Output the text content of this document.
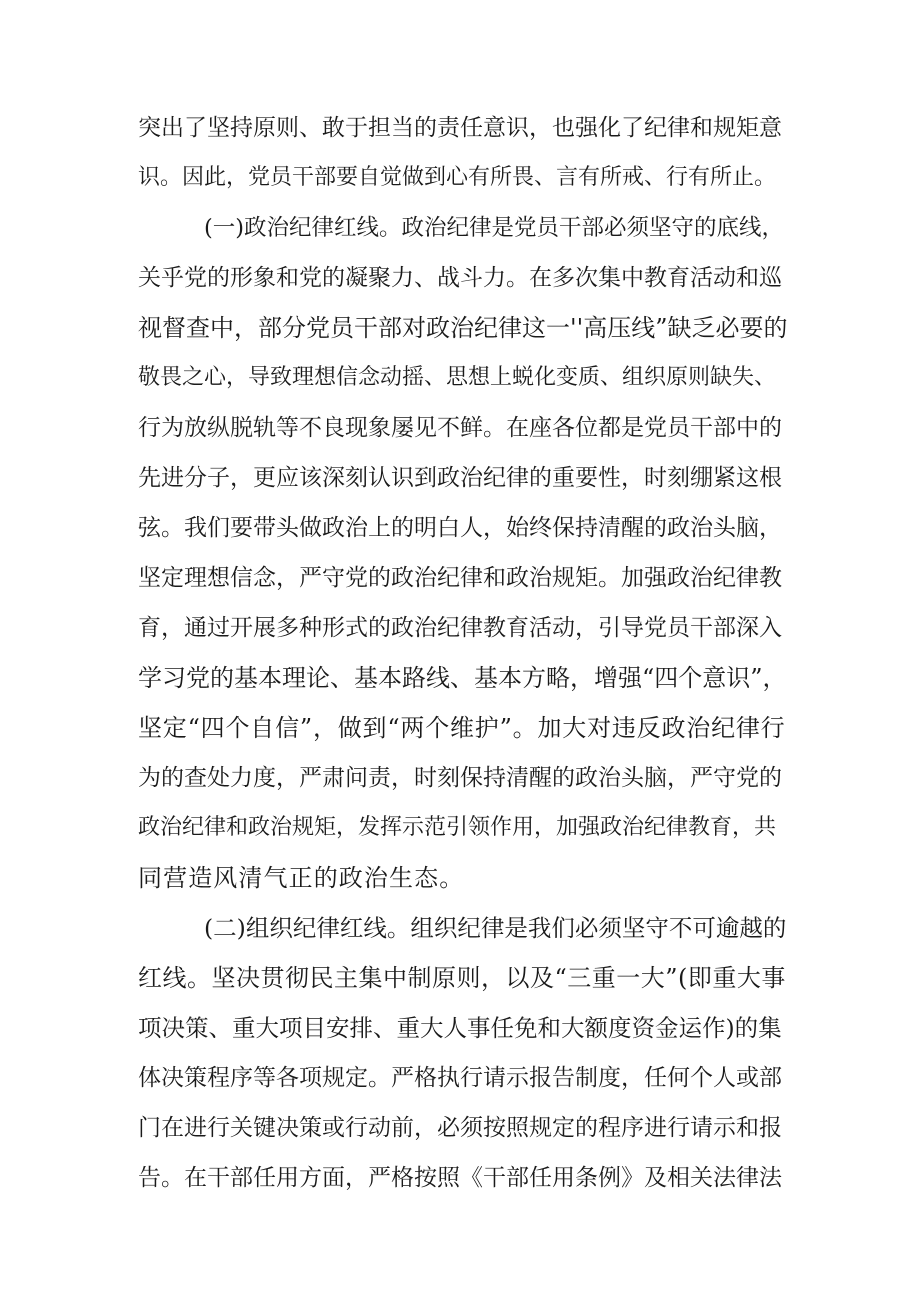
突出了坚持原则、敢于担当的责任意识，也强化了纪律和规矩意
识。因此，党员干部要自觉做到心有所畏、言有所戒、行有所止。
(一)政治纪律红线。政治纪律是党员干部必须坚守的底线，
关乎党的形象和党的凝聚力、战斗力。在多次集中教育活动和巡
视督查中，部分党员干部对政治纪律这一''高压线”缺乏必要的
敬畏之心，导致理想信念动摇、思想上蜕化变质、组织原则缺失、
行为放纵脱轨等不良现象屡见不鲜。在座各位都是党员干部中的
先进分子，更应该深刻认识到政治纪律的重要性，时刻绷紧这根
弦。我们要带头做政治上的明白人，始终保持清醒的政治头脑，
坚定理想信念，严守党的政治纪律和政治规矩。加强政治纪律教
育，通过开展多种形式的政治纪律教育活动，引导党员干部深入
学习党的基本理论、基本路线、基本方略，增强“四个意识”，
坚定“四个自信”，做到“两个维护”。加大对违反政治纪律行
为的查处力度，严肃问责，时刻保持清醒的政治头脑，严守党的
政治纪律和政治规矩，发挥示范引领作用，加强政治纪律教育，共
同营造风清气正的政治生态。
(二)组织纪律红线。组织纪律是我们必须坚守不可逾越的
红线。坚决贯彻民主集中制原则，以及“三重一大”(即重大事
项决策、重大项目安排、重大人事任免和大额度资金运作)的集
体决策程序等各项规定。严格执行请示报告制度，任何个人或部
门在进行关键决策或行动前，必须按照规定的程序进行请示和报
告。在干部任用方面，严格按照《干部任用条例》及相关法律法
